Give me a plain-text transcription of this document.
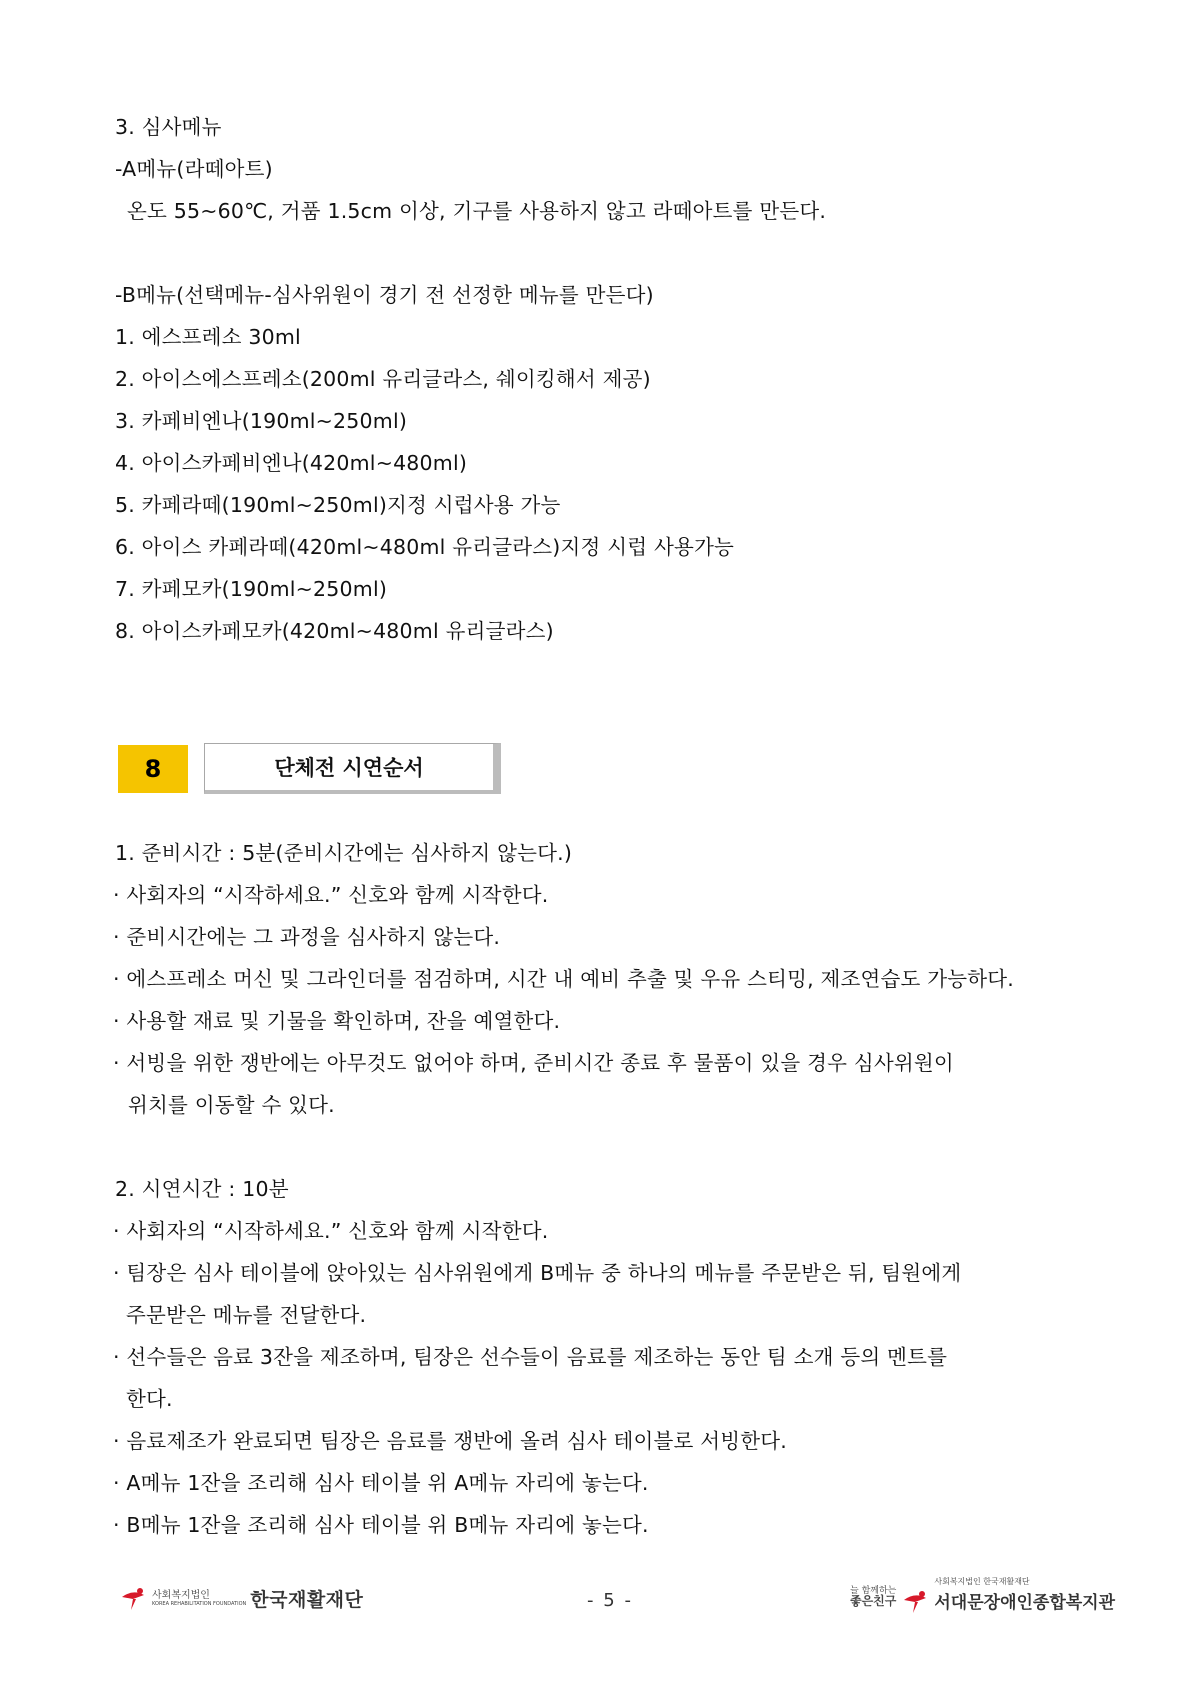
3. 심사메뉴
-A메뉴(라떼아트)
온도 55~60℃, 거품 1.5cm 이상, 기구를 사용하지 않고 라떼아트를 만든다.
-B메뉴(선택메뉴-심사위원이 경기 전 선정한 메뉴를 만든다)
1. 에스프레소 30ml
2. 아이스에스프레소(200ml 유리글라스, 쉐이킹해서 제공)
3. 카페비엔나(190ml~250ml)
4. 아이스카페비엔나(420ml~480ml)
5. 카페라떼(190ml~250ml)지정 시럽사용 가능
6. 아이스 카페라떼(420ml~480ml 유리글라스)지정 시럽 사용가능
7. 카페모카(190ml~250ml)
8. 아이스카페모카(420ml~480ml 유리글라스)
8	단체전 시연순서
1. 준비시간 : 5분(준비시간에는 심사하지 않는다.)
· 사회자의 “시작하세요.” 신호와 함께 시작한다.
· 준비시간에는 그 과정을 심사하지 않는다.
· 에스프레소 머신 및 그라인더를 점검하며, 시간 내 예비 추출 및 우유 스티밍, 제조연습도 가능하다.
· 사용할 재료 및 기물을 확인하며, 잔을 예열한다.
· 서빙을 위한 쟁반에는 아무것도 없어야 하며, 준비시간 종료 후 물품이 있을 경우 심사위원이
위치를 이동할 수 있다.
2. 시연시간 : 10분
· 사회자의 “시작하세요.” 신호와 함께 시작한다.
· 팀장은 심사 테이블에 앉아있는 심사위원에게 B메뉴 중 하나의 메뉴를 주문받은 뒤, 팀원에게
주문받은 메뉴를 전달한다.
· 선수들은 음료 3잔을 제조하며, 팀장은 선수들이 음료를 제조하는 동안 팀 소개 등의 멘트를
한다.
· 음료제조가 완료되면 팀장은 음료를 쟁반에 올려 심사 테이블로 서빙한다.
· A메뉴 1잔을 조리해 심사 테이블 위 A메뉴 자리에 놓는다.
· B메뉴 1잔을 조리해 심사 테이블 위 B메뉴 자리에 놓는다.
사회복지법인
KOREA REHABILITATION FOUNDATION 한국재활재단	- 5 -	늘 함께하는
좋은친구
사회복지법인 한국재활재단
서대문장애인종합복지관
